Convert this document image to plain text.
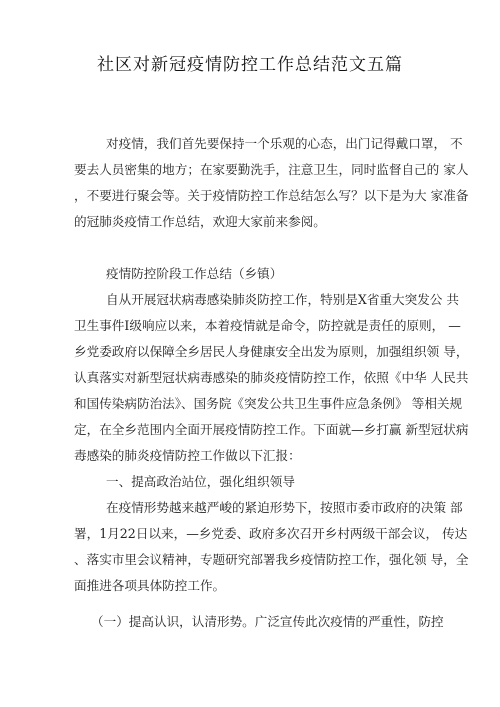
社区对新冠疫情防控工作总结范文五篇
对疫情，我们首先要保持一个乐观的心态，出门记得戴口罩， 不
要去人员密集的地方；在家要勤洗手，注意卫生，同时监督自己的 家人
，不要进行聚会等。关于疫情防控工作总结怎么写？以下是为大 家准备
的冠肺炎疫情工作总结，欢迎大家前来参阅。
疫情防控阶段工作总结（乡镇）
自从开展冠状病毒感染肺炎防控工作，特别是X省重大突发公 共
卫生事件Ⅰ级响应以来，本着疫情就是命令，防控就是责任的原则， —
乡党委政府以保障全乡居民人身健康安全出发为原则，加强组织领 导，
认真落实对新型冠状病毒感染的肺炎疫情防控工作，依照《中华 人民共
和国传染病防治法》、国务院《突发公共卫生事件应急条例》 等相关规
定，在全乡范围内全面开展疫情防控工作。下面就—乡打赢 新型冠状病
毒感染的肺炎疫情防控工作做以下汇报：
一、提高政治站位，强化组织领导
在疫情形势越来越严峻的紧迫形势下，按照市委市政府的决策 部
署，1月22日以来，—乡党委、政府多次召开乡村两级干部会议， 传达
、落实市里会议精神，专题研究部署我乡疫情防控工作，强化领 导，全
面推进各项具体防控工作。
（一）提高认识，认清形势。广泛宣传此次疫情的严重性，防控
